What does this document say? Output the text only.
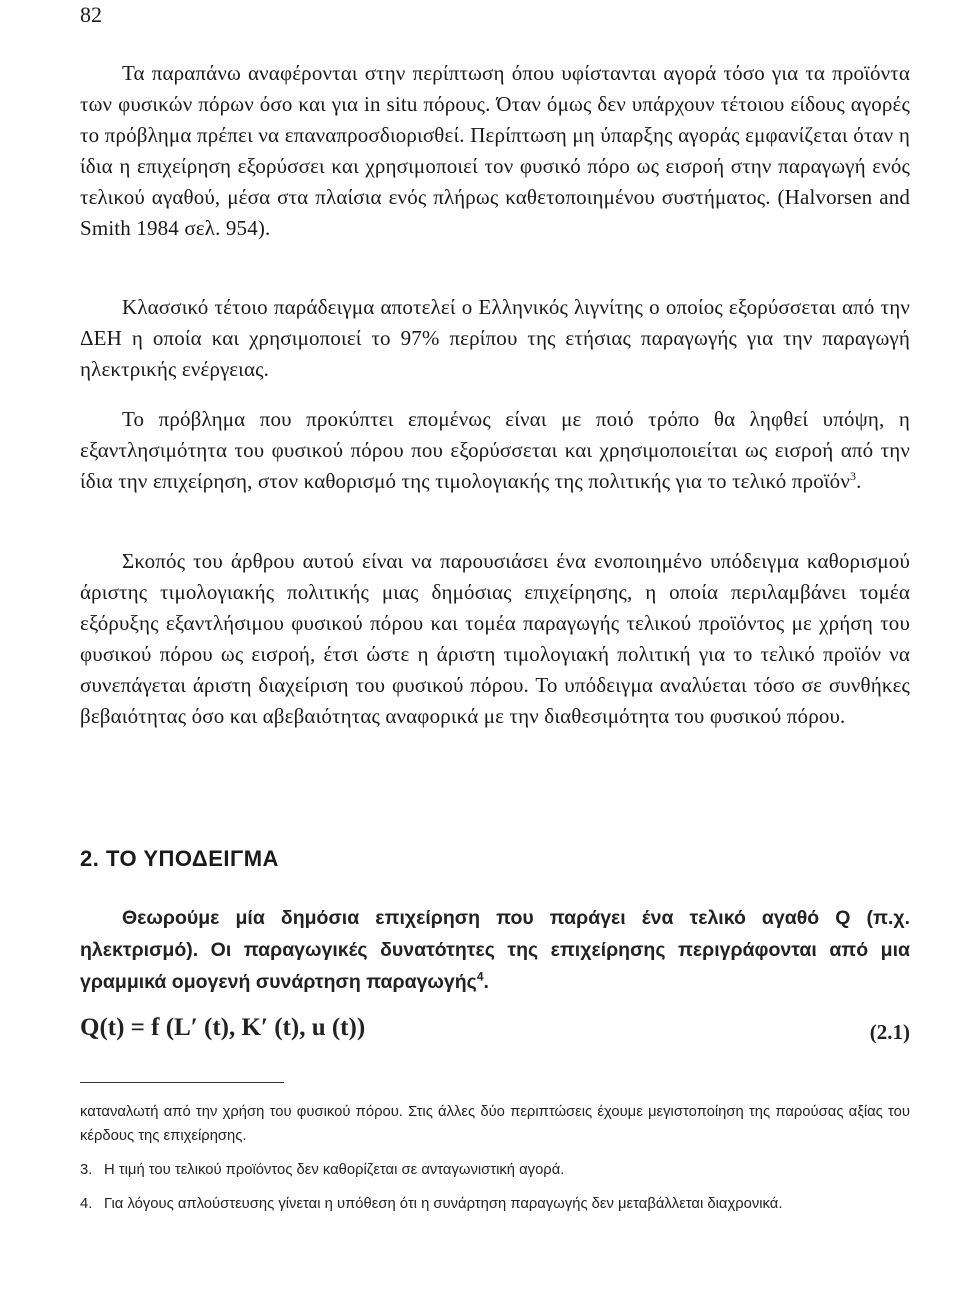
82

Τα παραπάνω αναφέρονται στην περίπτωση όπου υφίστανται αγορά τόσο για τα προϊόντα των φυσικών πόρων όσο και για in situ πόρους. Όταν όμως δεν υπάρχουν τέτοιου είδους αγορές το πρόβλημα πρέπει να επαναπροσδιορισθεί. Περίπτωση μη ύπαρξης αγοράς εμφανίζεται όταν η ίδια η επιχείρηση εξορύσσει και χρησιμοποιεί τον φυσικό πόρο ως εισροή στην παραγωγή ενός τελικού αγαθού, μέσα στα πλαίσια ενός πλήρως καθετοποιημένου συστήματος. (Halvorsen and Smith 1984 σελ. 954).

Κλασσικό τέτοιο παράδειγμα αποτελεί ο Ελληνικός λιγνίτης ο οποίος εξορύσσεται από την ΔΕΗ η οποία και χρησιμοποιεί το 97% περίπου της ετήσιας παραγωγής για την παραγωγή ηλεκτρικής ενέργειας.

Το πρόβλημα που προκύπτει επομένως είναι με ποιό τρόπο θα ληφθεί υπόψη, η εξαντλησιμότητα του φυσικού πόρου που εξορύσσεται και χρησιμοποιείται ως εισροή από την ίδια την επιχείρηση, στον καθορισμό της τιμολογιακής της πολιτικής για το τελικό προϊόν$^3$.

Σκοπός του άρθρου αυτού είναι να παρουσιάσει ένα ενοποιημένο υπόδειγμα καθορισμού άριστης τιμολογιακής πολιτικής μιας δημόσιας επιχείρησης, η οποία περιλαμβάνει τομέα εξόρυξης εξαντλήσιμου φυσικού πόρου και τομέα παραγωγής τελικού προϊόντος με χρήση του φυσικού πόρου ως εισροή, έτσι ώστε η άριστη τιμολογιακή πολιτική για το τελικό προϊόν να συνεπάγεται άριστη διαχείριση του φυσικού πόρου. Το υπόδειγμα αναλύεται τόσο σε συνθήκες βεβαιότητας όσο και αβεβαιότητας αναφορικά με την διαθεσιμότητα του φυσικού πόρου.

2. ΤΟ ΥΠΟΔΕΙΓΜΑ

Θεωρούμε μία δημόσια επιχείρηση που παράγει ένα τελικό αγαθό Q (π.χ. ηλεκτρισμό). Οι παραγωγικές δυνατότητες της επιχείρησης περιγράφονται από μια γραμμικά ομογενή συνάρτηση παραγωγής$^4$.

Q(t) = f (L′ (t), K′ (t), u (t))	(2.1)

καταναλωτή από την χρήση του φυσικού πόρου. Στις άλλες δύο περιπτώσεις έχουμε μεγιστοποίηση της παρούσας αξίας του κέρδους της επιχείρησης.

3. Η τιμή του τελικού προϊόντος δεν καθορίζεται σε ανταγωνιστική αγορά.

4. Για λόγους απλούστευσης γίνεται η υπόθεση ότι η συνάρτηση παραγωγής δεν μεταβάλλεται διαχρονικά.
